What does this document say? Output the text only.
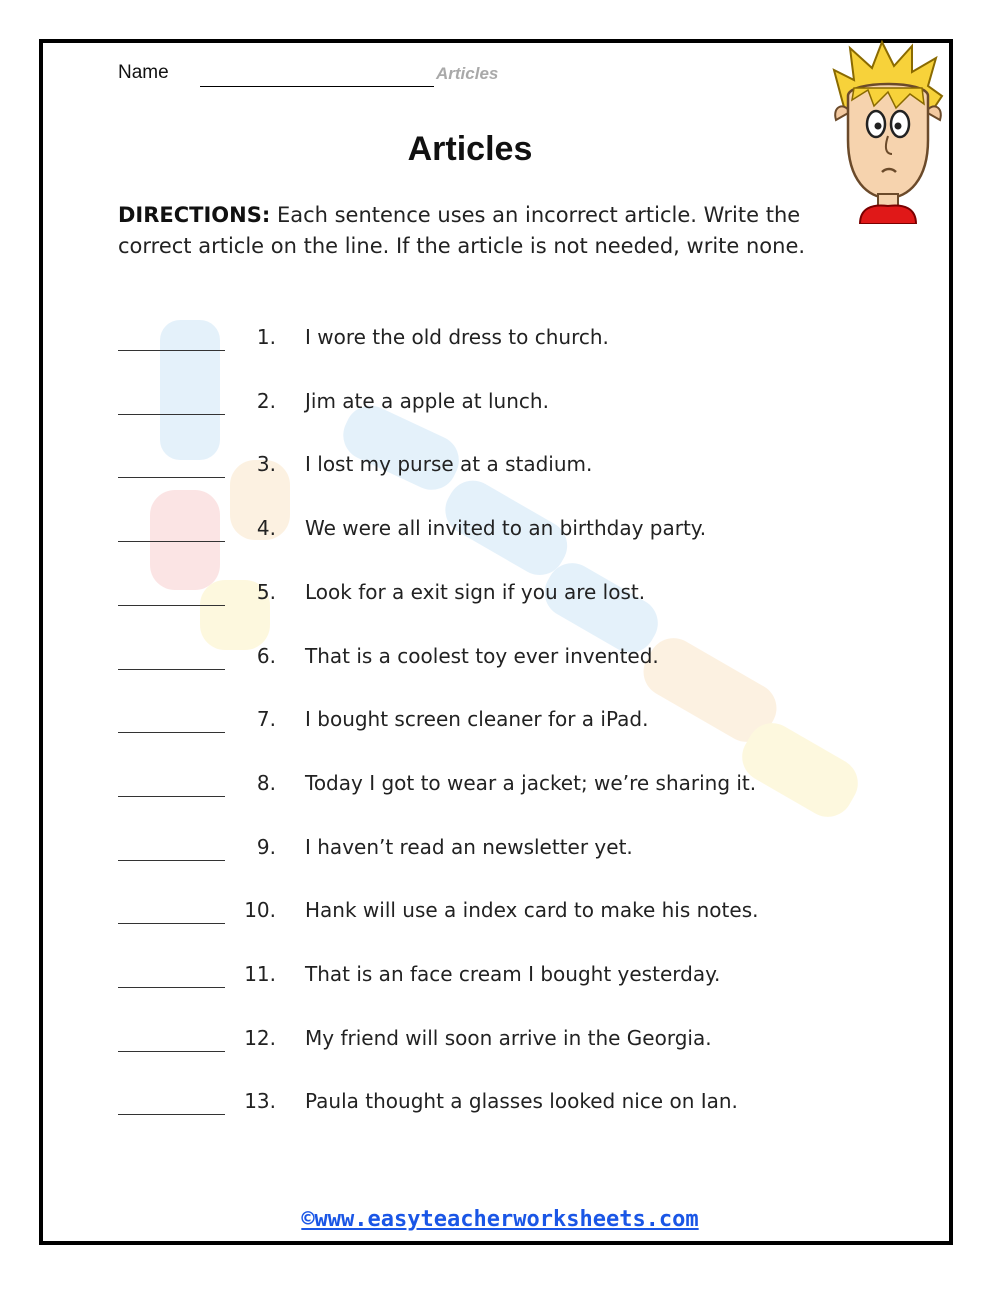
Name	Articles
Articles
DIRECTIONS: Each sentence uses an incorrect article. Write the correct article on the line. If the article is not needed, write none.
1. I wore the old dress to church.
2. Jim ate a apple at lunch.
3. I lost my purse at a stadium.
4. We were all invited to an birthday party.
5. Look for a exit sign if you are lost.
6. That is a coolest toy ever invented.
7. I bought screen cleaner for a iPad.
8. Today I got to wear a jacket; we’re sharing it.
9. I haven’t read an newsletter yet.
10. Hank will use a index card to make his notes.
11. That is an face cream I bought yesterday.
12. My friend will soon arrive in the Georgia.
13. Paula thought a glasses looked nice on Ian.
©www.easyteacherworksheets.com
